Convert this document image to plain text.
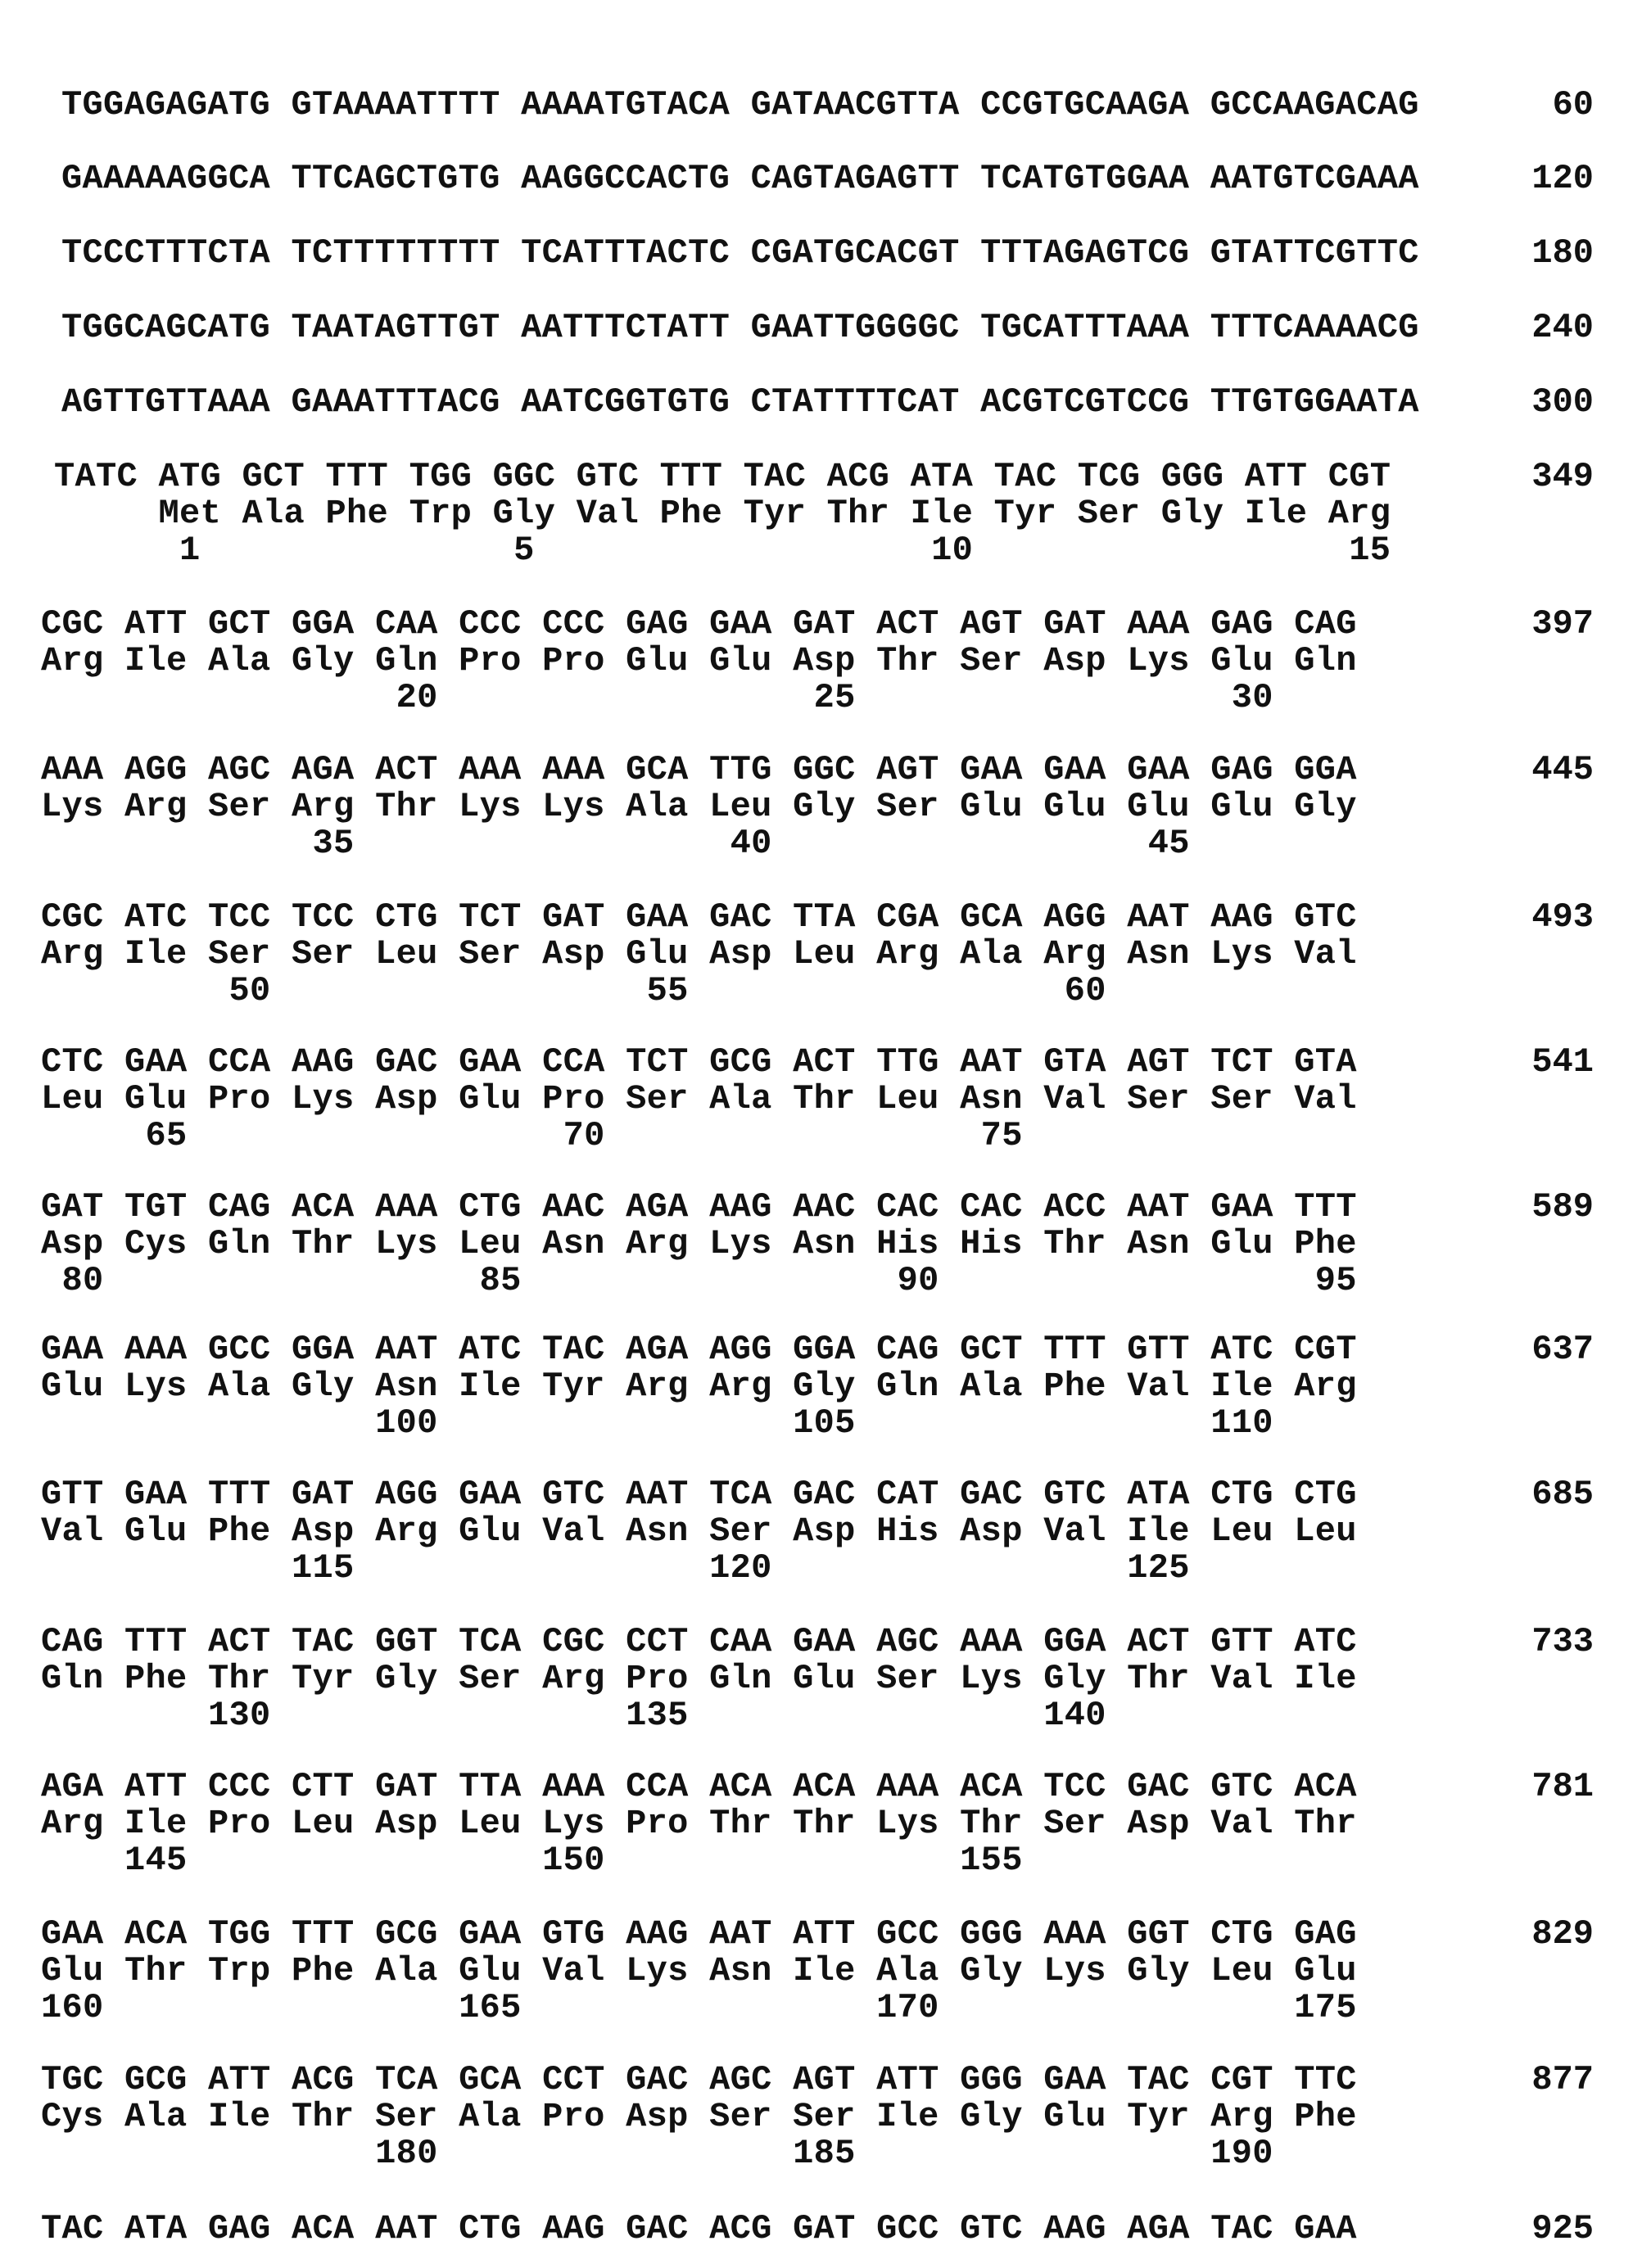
TGGAGAGATG GTAAAATTTT AAAATGTACA GATAACGTTA CCGTGCAAGA GCCAAGACAG	60
GAAAAAGGCA TTCAGCTGTG AAGGCCACTG CAGTAGAGTT TCATGTGGAA AATGTCGAAA	120
TCCCTTTCTA TCTTTTTTTT TCATTTACTC CGATGCACGT TTTAGAGTCG GTATTCGTTC	180
TGGCAGCATG TAATAGTTGT AATTTCTATT GAATTGGGGC TGCATTTAAA TTTCAAAACG	240
AGTTGTTAAA GAAATTTACG AATCGGTGTG CTATTTTCAT ACGTCGTCCG TTGTGGAATA	300
TATC ATG GCT TTT TGG GGC GTC TTT TAC ACG ATA TAC TCG GGG ATT CGT	349
Met Ala Phe Trp Gly Val Phe Tyr Thr Ile Tyr Ser Gly Ile Arg
1               5                   10                  15
CGC ATT GCT GGA CAA CCC CCC GAG GAA GAT ACT AGT GAT AAA GAG CAG	397
Arg Ile Ala Gly Gln Pro Pro Glu Glu Asp Thr Ser Asp Lys Glu Gln
20                  25                  30
AAA AGG AGC AGA ACT AAA AAA GCA TTG GGC AGT GAA GAA GAA GAG GGA	445
Lys Arg Ser Arg Thr Lys Lys Ala Leu Gly Ser Glu Glu Glu Glu Gly
35                  40                  45
CGC ATC TCC TCC CTG TCT GAT GAA GAC TTA CGA GCA AGG AAT AAG GTC	493
Arg Ile Ser Ser Leu Ser Asp Glu Asp Leu Arg Ala Arg Asn Lys Val
50                  55                  60
CTC GAA CCA AAG GAC GAA CCA TCT GCG ACT TTG AAT GTA AGT TCT GTA	541
Leu Glu Pro Lys Asp Glu Pro Ser Ala Thr Leu Asn Val Ser Ser Val
65                  70                  75
GAT TGT CAG ACA AAA CTG AAC AGA AAG AAC CAC CAC ACC AAT GAA TTT	589
Asp Cys Gln Thr Lys Leu Asn Arg Lys Asn His His Thr Asn Glu Phe
80                  85                  90                  95
GAA AAA GCC GGA AAT ATC TAC AGA AGG GGA CAG GCT TTT GTT ATC CGT	637
Glu Lys Ala Gly Asn Ile Tyr Arg Arg Gly Gln Ala Phe Val Ile Arg
100                 105                 110
GTT GAA TTT GAT AGG GAA GTC AAT TCA GAC CAT GAC GTC ATA CTG CTG	685
Val Glu Phe Asp Arg Glu Val Asn Ser Asp His Asp Val Ile Leu Leu
115                 120                 125
CAG TTT ACT TAC GGT TCA CGC CCT CAA GAA AGC AAA GGA ACT GTT ATC	733
Gln Phe Thr Tyr Gly Ser Arg Pro Gln Glu Ser Lys Gly Thr Val Ile
130                 135                 140
AGA ATT CCC CTT GAT TTA AAA CCA ACA ACA AAA ACA TCC GAC GTC ACA	781
Arg Ile Pro Leu Asp Leu Lys Pro Thr Thr Lys Thr Ser Asp Val Thr
145                 150                 155
GAA ACA TGG TTT GCG GAA GTG AAG AAT ATT GCC GGG AAA GGT CTG GAG	829
Glu Thr Trp Phe Ala Glu Val Lys Asn Ile Ala Gly Lys Gly Leu Glu
160                 165                 170                 175
TGC GCG ATT ACG TCA GCA CCT GAC AGC AGT ATT GGG GAA TAC CGT TTC	877
Cys Ala Ile Thr Ser Ala Pro Asp Ser Ser Ile Gly Glu Tyr Arg Phe
180                 185                 190
TAC ATA GAG ACA AAT CTG AAG GAC ACG GAT GCC GTC AAG AGA TAC GAA	925
